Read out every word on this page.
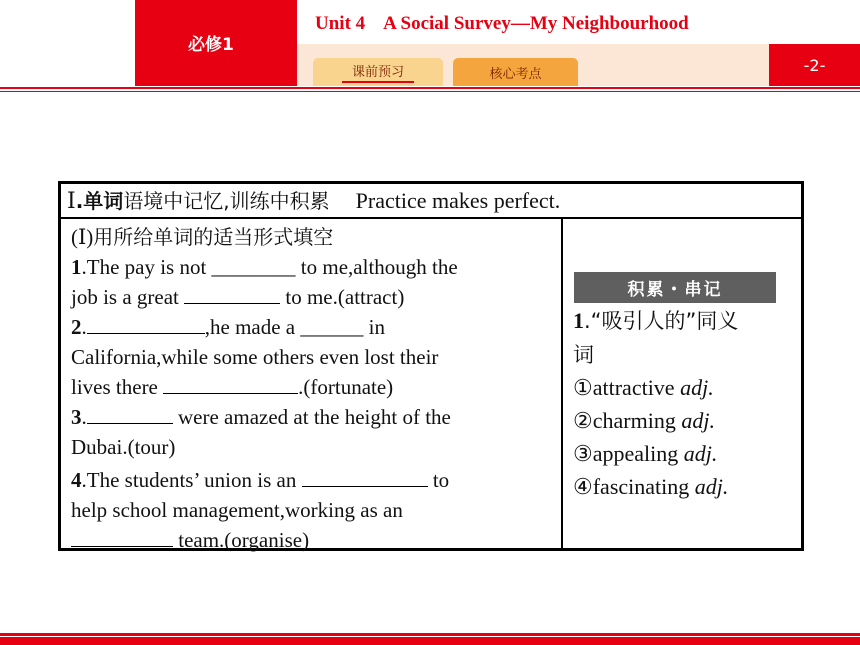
必修1
Unit 4    A Social Survey—My Neighbourhood
课前预习	核心考点	-2-
Ⅰ.单词语境中记忆,训练中积累 Practice makes perfect.
(Ⅰ)用所给单词的适当形式填空
1.The pay is not ________ to me,although the
job is a great	to me.(attract)
2.	,he made a ______ in
California,while some others even lost their
lives there	.(fortunate)
3.	were amazed at the height of the
Dubai.(tour)
4.The students’ union is an	to
help school management,working as an
team.(organise)
积累・串记
1.“吸引人的”同义
词
①attractive adj.
②charming adj.
③appealing adj.
④fascinating adj.
